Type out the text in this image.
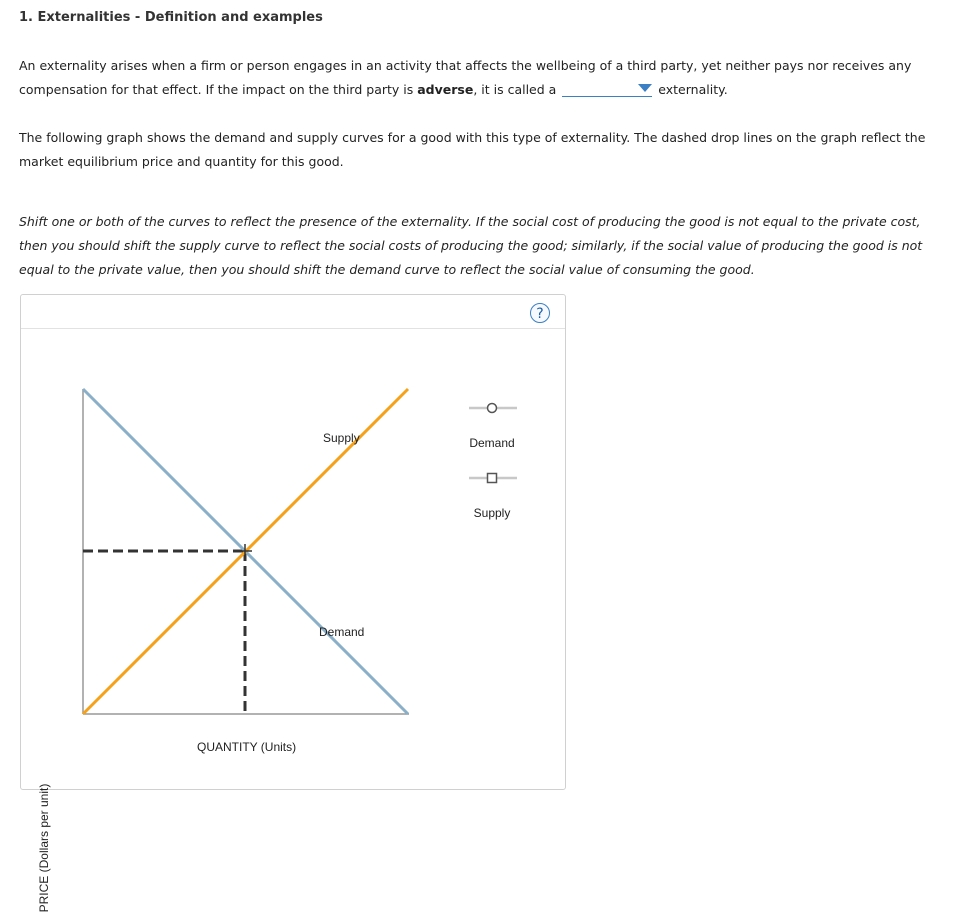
1. Externalities - Definition and examples

An externality arises when a firm or person engages in an activity that affects the wellbeing of a third party, yet neither pays nor receives any compensation for that effect. If the impact on the third party is adverse, it is called a	externality.

The following graph shows the demand and supply curves for a good with this type of externality. The dashed drop lines on the graph reflect the market equilibrium price and quantity for this good.

Shift one or both of the curves to reflect the presence of the externality. If the social cost of producing the good is not equal to the private cost, then you should shift the supply curve to reflect the social costs of producing the good; similarly, if the social value of producing the good is not equal to the private value, then you should shift the demand curve to reflect the social value of consuming the good.

?
Supply
Demand
Demand
Supply
PRICE (Dollars per unit)
QUANTITY (Units)
